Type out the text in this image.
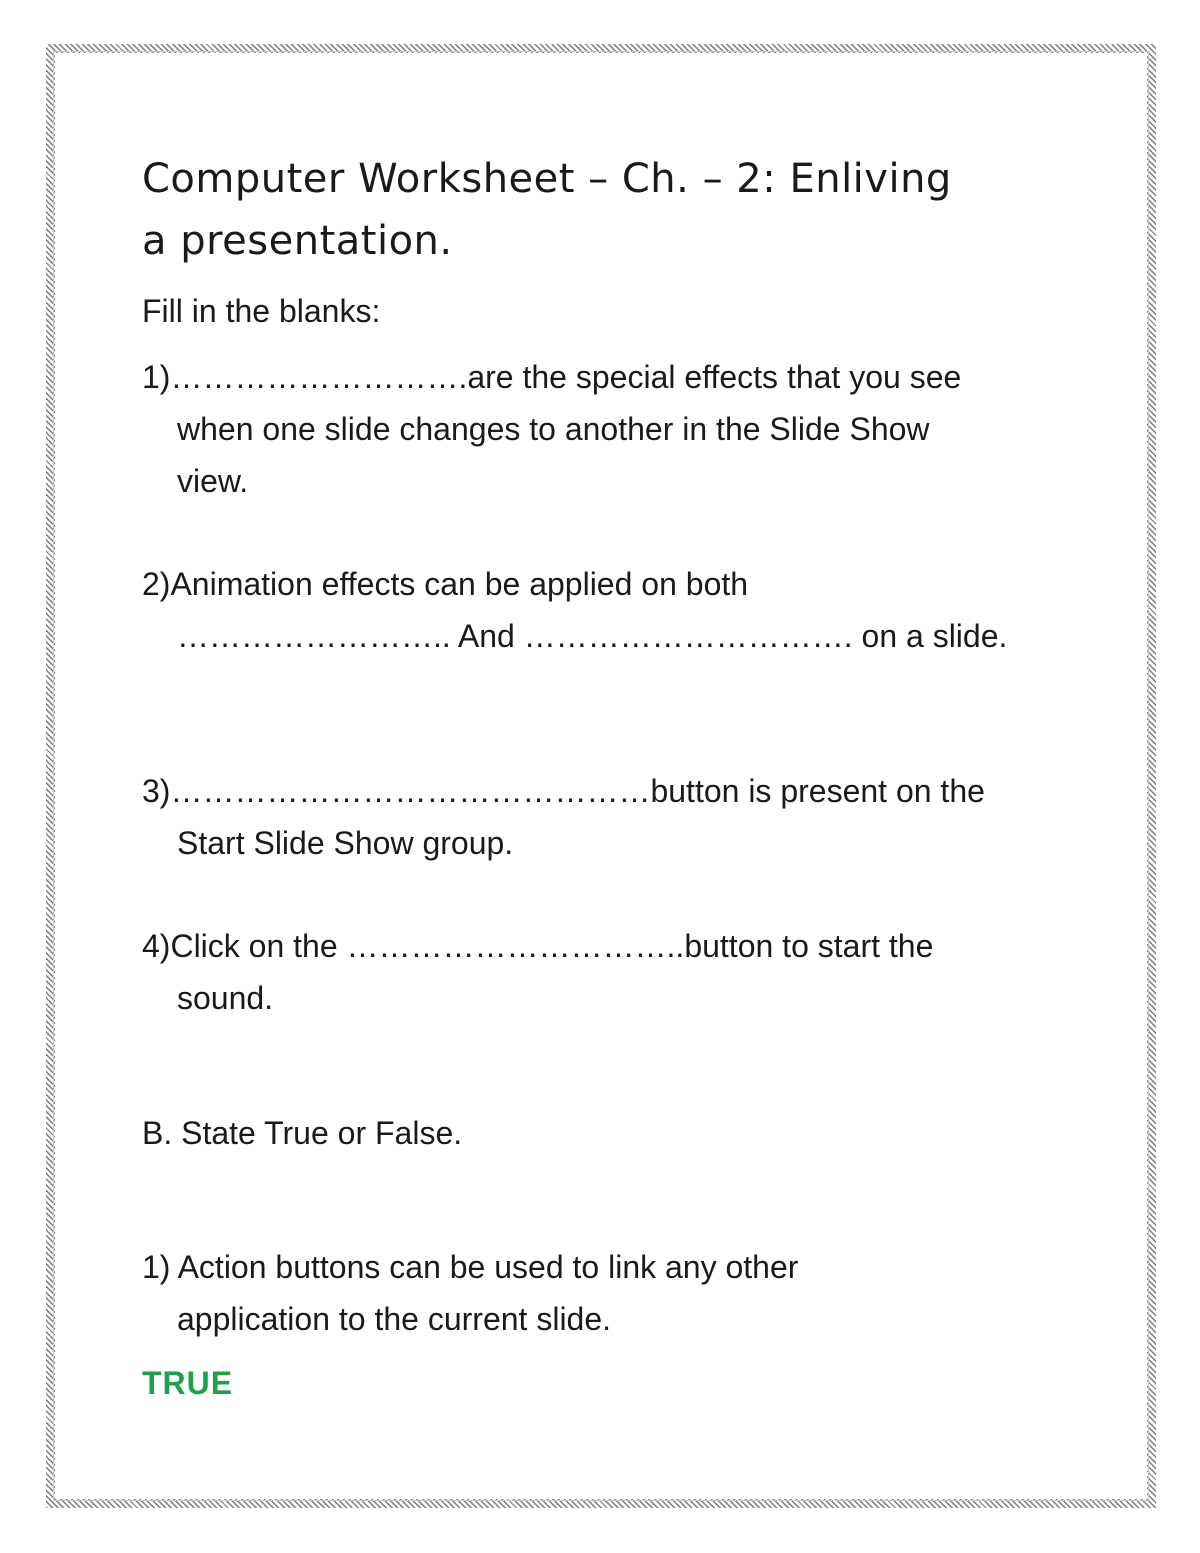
Computer Worksheet – Ch. – 2: Enliving
a presentation.
Fill in the blanks:
1)……………………….are the special effects that you see
when one slide changes to another in the Slide Show
view.
2)Animation effects can be applied on both
…………………….. And …………………………. on a slide.
3)………………………………………button is present on the
Start Slide Show group.
4)Click on the …………………………..button to start the
sound.
B. State True or False.
1) Action buttons can be used to link any other
application to the current slide.
TRUE
